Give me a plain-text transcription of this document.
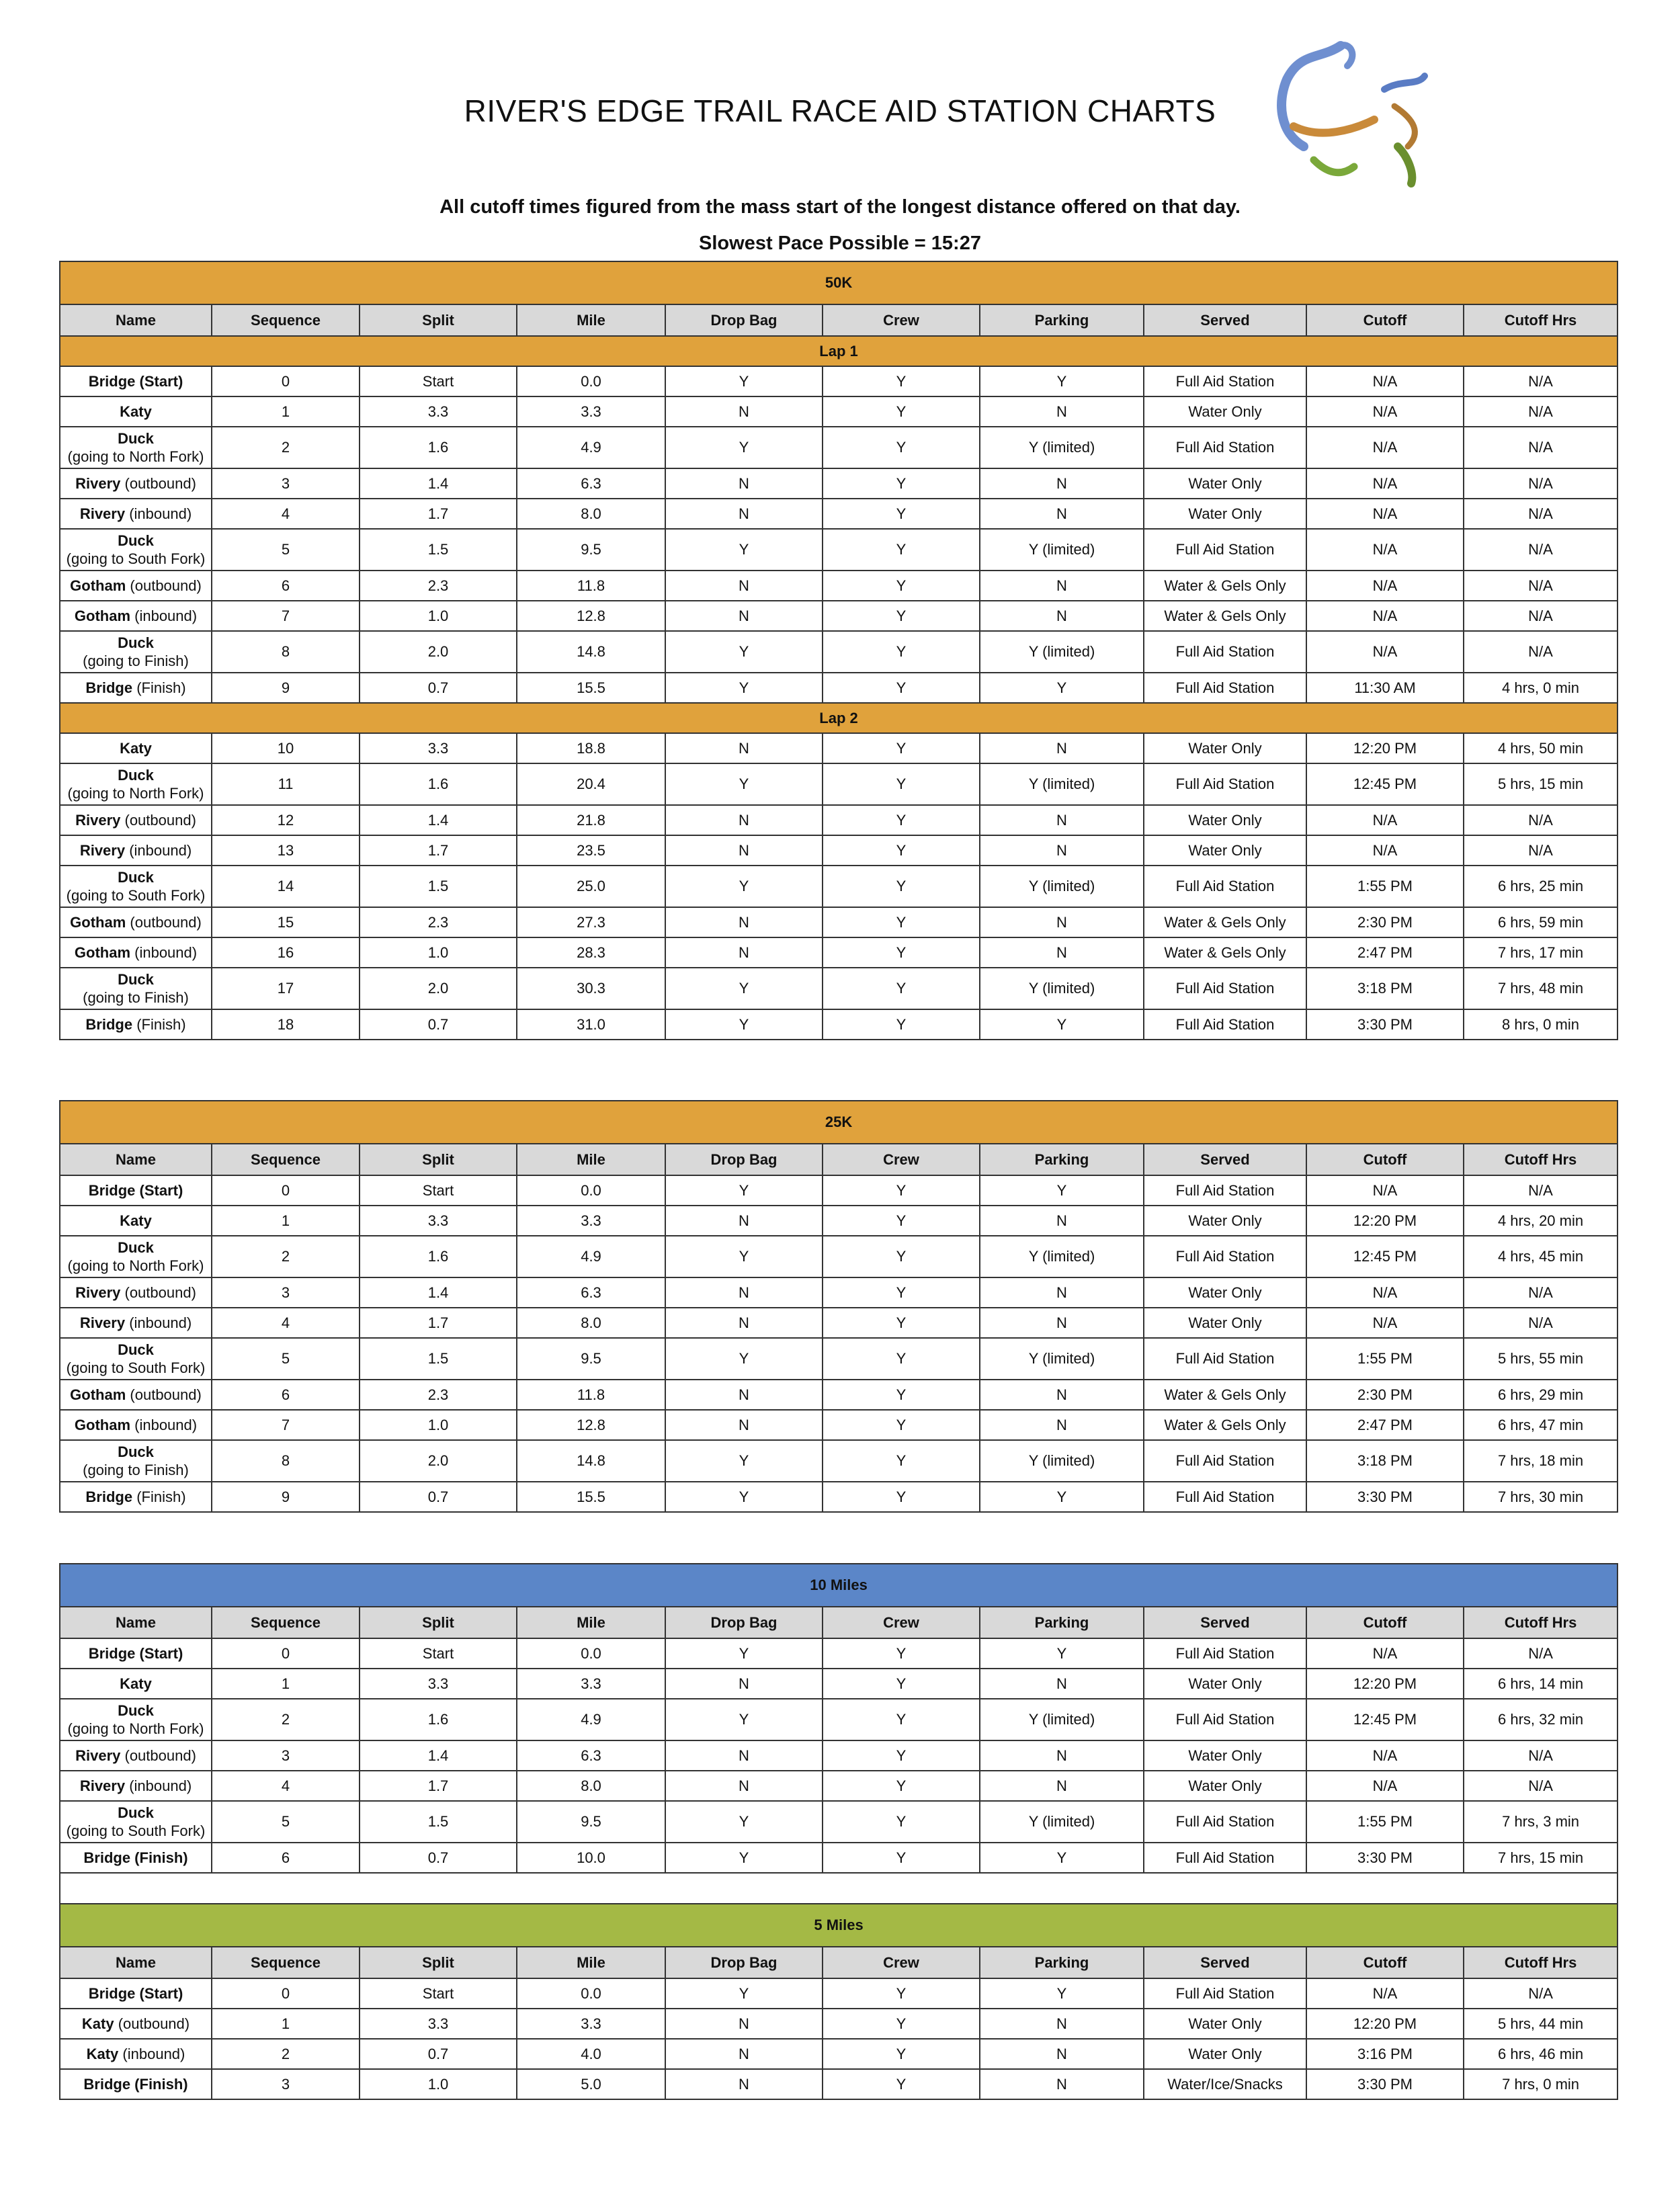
RIVER'S EDGE TRAIL RACE AID STATION CHARTS
All cutoff times figured from the mass start of the longest distance offered on that day.
Slowest Pace Possible = 15:27
50K									
Name	Sequence	Split	Mile	Drop Bag	Crew	Parking	Served	Cutoff	Cutoff Hrs
Lap 1									
Bridge (Start)	0	Start	0.0	Y	Y	Y	Full Aid Station	N/A	N/A
Katy	1	3.3	3.3	N	Y	N	Water Only	N/A	N/A
Duck
(going to North Fork)	2	1.6	4.9	Y	Y	Y (limited)	Full Aid Station	N/A	N/A
Rivery (outbound)	3	1.4	6.3	N	Y	N	Water Only	N/A	N/A
Rivery (inbound)	4	1.7	8.0	N	Y	N	Water Only	N/A	N/A
Duck
(going to South Fork)	5	1.5	9.5	Y	Y	Y (limited)	Full Aid Station	N/A	N/A
Gotham (outbound)	6	2.3	11.8	N	Y	N	Water & Gels Only	N/A	N/A
Gotham (inbound)	7	1.0	12.8	N	Y	N	Water & Gels Only	N/A	N/A
Duck
(going to Finish)	8	2.0	14.8	Y	Y	Y (limited)	Full Aid Station	N/A	N/A
Bridge (Finish)	9	0.7	15.5	Y	Y	Y	Full Aid Station	11:30 AM	4 hrs, 0 min
Lap 2									
Katy	10	3.3	18.8	N	Y	N	Water Only	12:20 PM	4 hrs, 50 min
Duck
(going to North Fork)	11	1.6	20.4	Y	Y	Y (limited)	Full Aid Station	12:45 PM	5 hrs, 15 min
Rivery (outbound)	12	1.4	21.8	N	Y	N	Water Only	N/A	N/A
Rivery (inbound)	13	1.7	23.5	N	Y	N	Water Only	N/A	N/A
Duck
(going to South Fork)	14	1.5	25.0	Y	Y	Y (limited)	Full Aid Station	1:55 PM	6 hrs, 25 min
Gotham (outbound)	15	2.3	27.3	N	Y	N	Water & Gels Only	2:30 PM	6 hrs, 59 min
Gotham (inbound)	16	1.0	28.3	N	Y	N	Water & Gels Only	2:47 PM	7 hrs, 17 min
Duck
(going to Finish)	17	2.0	30.3	Y	Y	Y (limited)	Full Aid Station	3:18 PM	7 hrs, 48 min
Bridge (Finish)	18	0.7	31.0	Y	Y	Y	Full Aid Station	3:30 PM	8 hrs, 0 min
25K									
Name	Sequence	Split	Mile	Drop Bag	Crew	Parking	Served	Cutoff	Cutoff Hrs
Bridge (Start)	0	Start	0.0	Y	Y	Y	Full Aid Station	N/A	N/A
Katy	1	3.3	3.3	N	Y	N	Water Only	12:20 PM	4 hrs, 20 min
Duck
(going to North Fork)	2	1.6	4.9	Y	Y	Y (limited)	Full Aid Station	12:45 PM	4 hrs, 45 min
Rivery (outbound)	3	1.4	6.3	N	Y	N	Water Only	N/A	N/A
Rivery (inbound)	4	1.7	8.0	N	Y	N	Water Only	N/A	N/A
Duck
(going to South Fork)	5	1.5	9.5	Y	Y	Y (limited)	Full Aid Station	1:55 PM	5 hrs, 55 min
Gotham (outbound)	6	2.3	11.8	N	Y	N	Water & Gels Only	2:30 PM	6 hrs, 29 min
Gotham (inbound)	7	1.0	12.8	N	Y	N	Water & Gels Only	2:47 PM	6 hrs, 47 min
Duck
(going to Finish)	8	2.0	14.8	Y	Y	Y (limited)	Full Aid Station	3:18 PM	7 hrs, 18 min
Bridge (Finish)	9	0.7	15.5	Y	Y	Y	Full Aid Station	3:30 PM	7 hrs, 30 min
10 Miles									
Name	Sequence	Split	Mile	Drop Bag	Crew	Parking	Served	Cutoff	Cutoff Hrs
Bridge (Start)	0	Start	0.0	Y	Y	Y	Full Aid Station	N/A	N/A
Katy	1	3.3	3.3	N	Y	N	Water Only	12:20 PM	6 hrs, 14 min
Duck
(going to North Fork)	2	1.6	4.9	Y	Y	Y (limited)	Full Aid Station	12:45 PM	6 hrs, 32 min
Rivery (outbound)	3	1.4	6.3	N	Y	N	Water Only	N/A	N/A
Rivery (inbound)	4	1.7	8.0	N	Y	N	Water Only	N/A	N/A
Duck
(going to South Fork)	5	1.5	9.5	Y	Y	Y (limited)	Full Aid Station	1:55 PM	7 hrs, 3 min
Bridge (Finish)	6	0.7	10.0	Y	Y	Y	Full Aid Station	3:30 PM	7 hrs, 15 min

5 Miles									
Name	Sequence	Split	Mile	Drop Bag	Crew	Parking	Served	Cutoff	Cutoff Hrs
Bridge (Start)	0	Start	0.0	Y	Y	Y	Full Aid Station	N/A	N/A
Katy (outbound)	1	3.3	3.3	N	Y	N	Water Only	12:20 PM	5 hrs, 44 min
Katy (inbound)	2	0.7	4.0	N	Y	N	Water Only	3:16 PM	6 hrs, 46 min
Bridge (Finish)	3	1.0	5.0	N	Y	N	Water/Ice/Snacks	3:30 PM	7 hrs, 0 min
